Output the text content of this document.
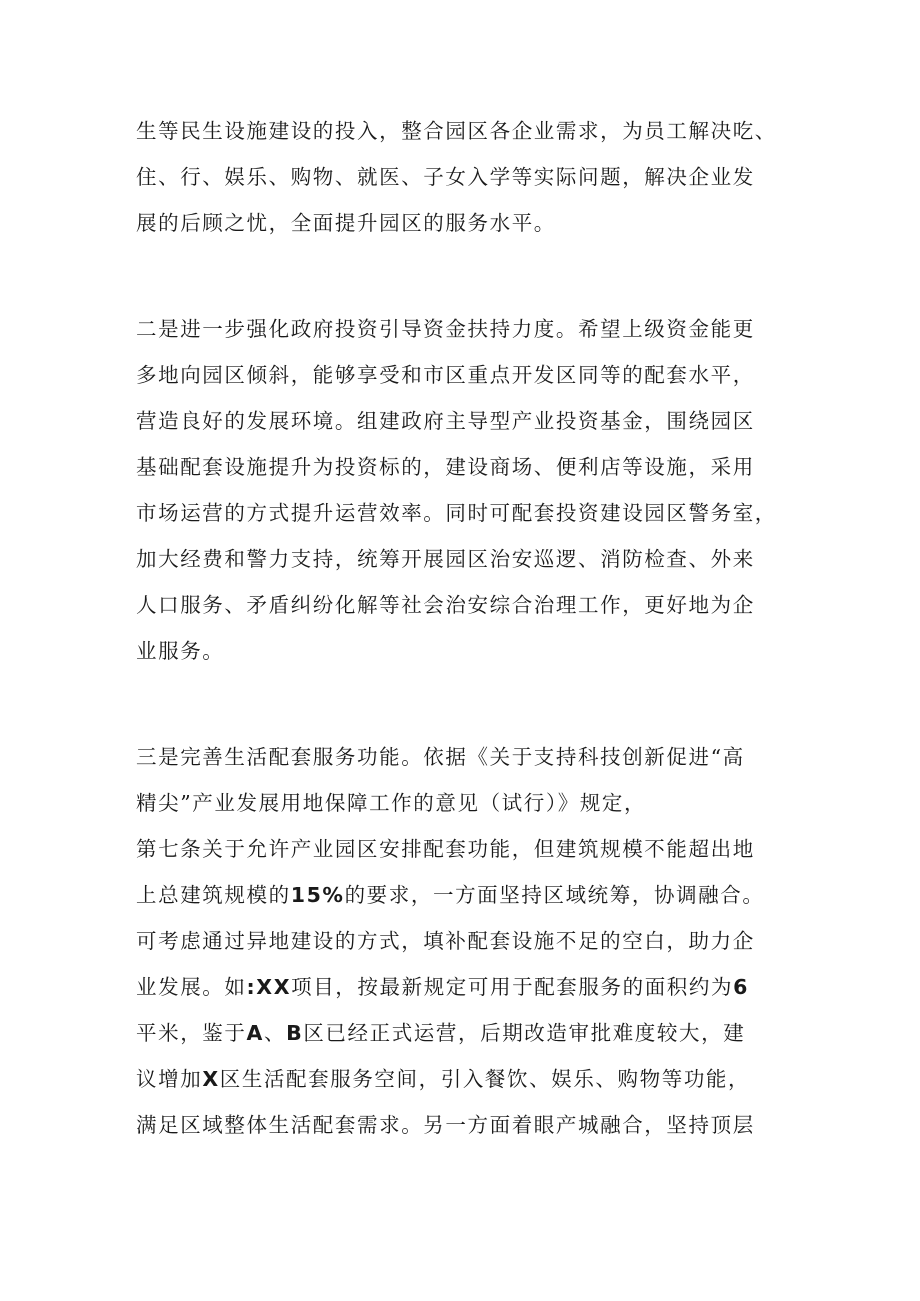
生等民生设施建设的投入，整合园区各企业需求，为员工解决吃、
住、行、娱乐、购物、就医、子女入学等实际问题，解决企业发
展的后顾之忧，全面提升园区的服务水平。
二是进一步强化政府投资引导资金扶持力度。希望上级资金能更
多地向园区倾斜，能够享受和市区重点开发区同等的配套水平，
营造良好的发展环境。组建政府主导型产业投资基金，围绕园区
基础配套设施提升为投资标的，建设商场、便利店等设施，采用
市场运营的方式提升运营效率。同时可配套投资建设园区警务室，
加大经费和警力支持，统筹开展园区治安巡逻、消防检查、外来
人口服务、矛盾纠纷化解等社会治安综合治理工作，更好地为企
业服务。
三是完善生活配套服务功能。依据《关于支持科技创新促进“高
精尖”产业发展用地保障工作的意见（试行）》规定，
第七条关于允许产业园区安排配套功能，但建筑规模不能超出地
上总建筑规模的15%的要求，一方面坚持区域统筹，协调融合。
可考虑通过异地建设的方式，填补配套设施不足的空白，助力企
业发展。如:XX项目，按最新规定可用于配套服务的面积约为6
平米，鉴于A、B区已经正式运营，后期改造审批难度较大，建
议增加X区生活配套服务空间，引入餐饮、娱乐、购物等功能，
满足区域整体生活配套需求。另一方面着眼产城融合，坚持顶层
